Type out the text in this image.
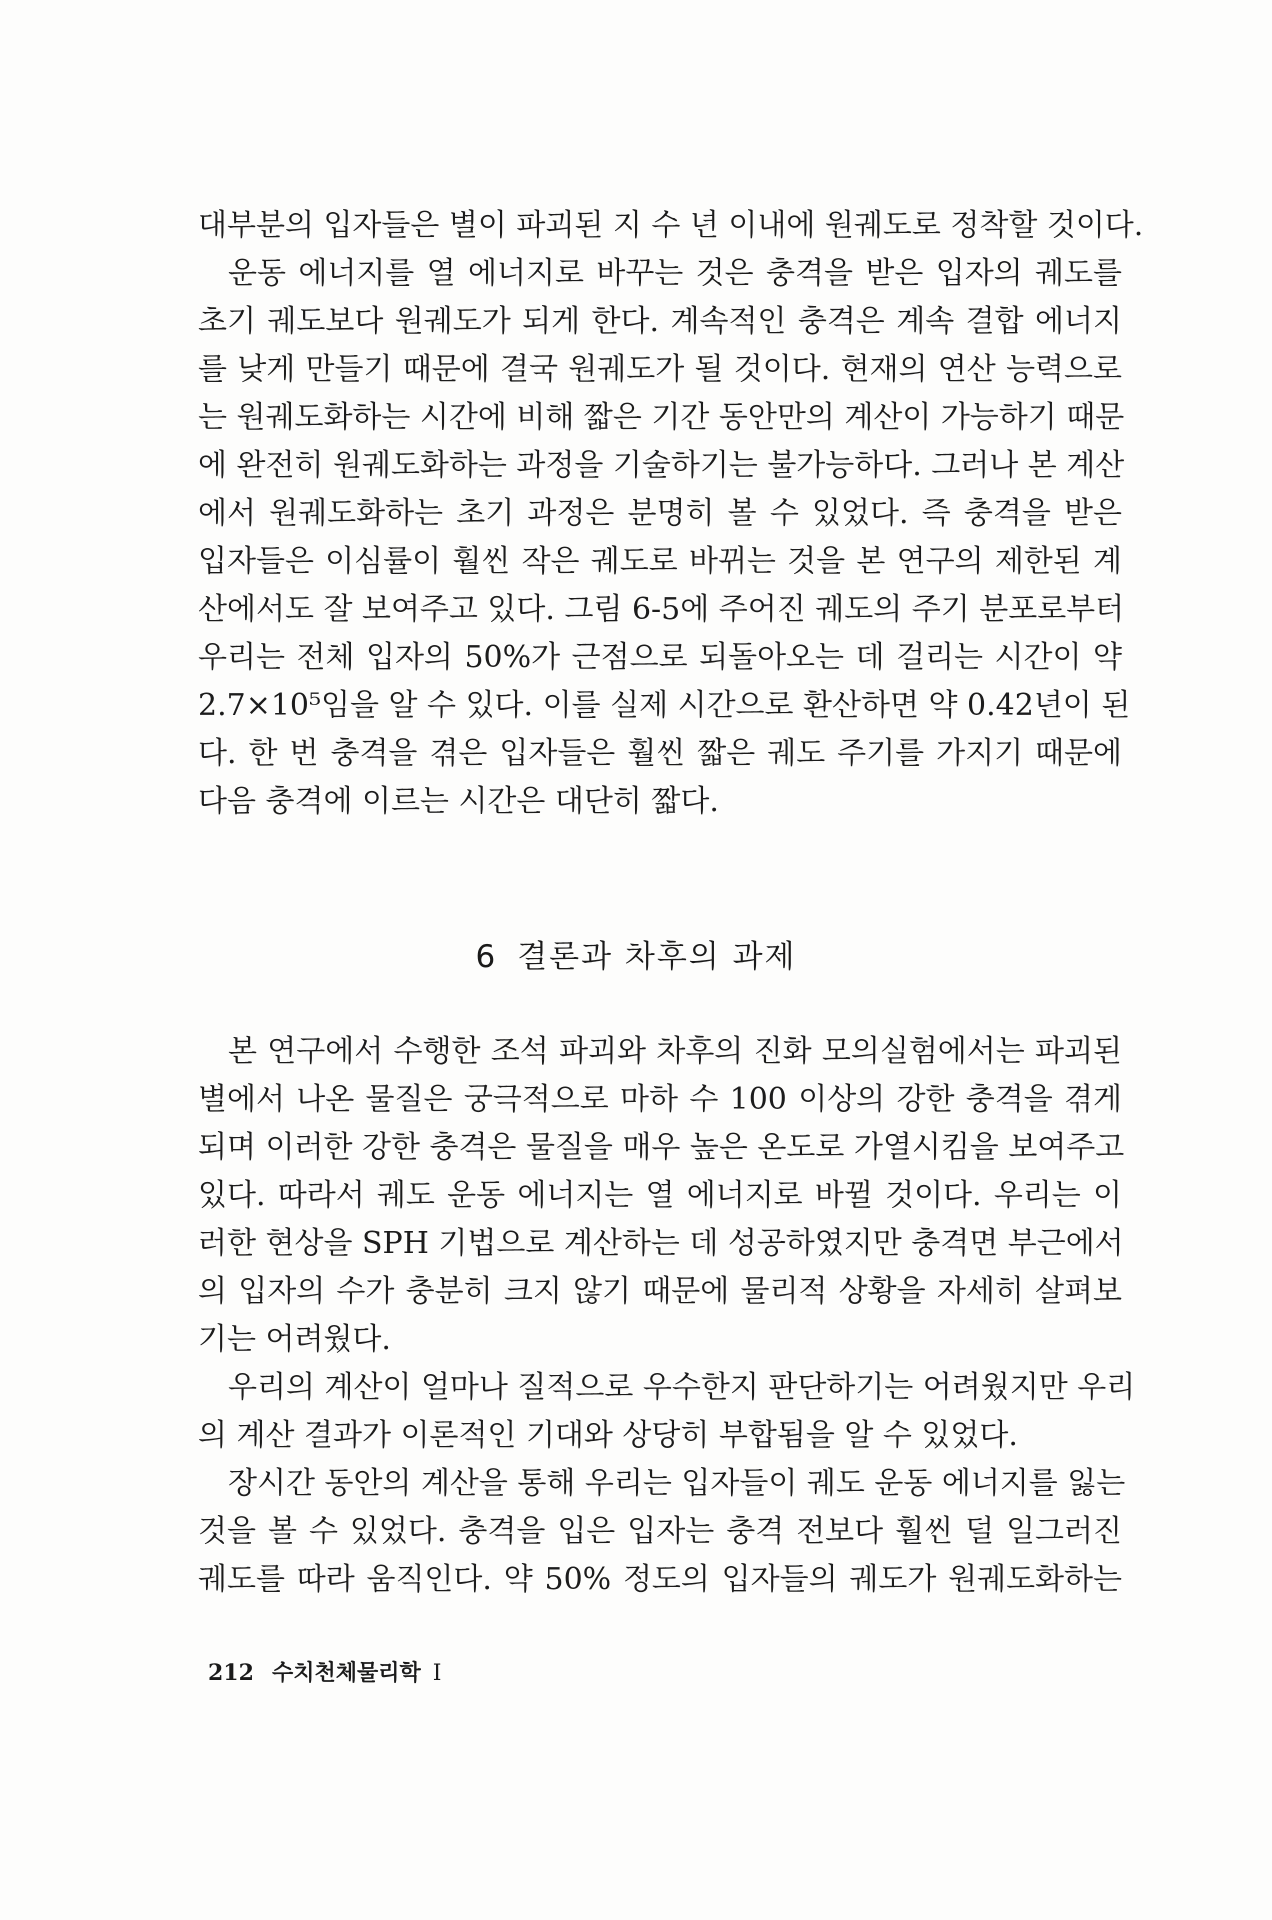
대부분의 입자들은 별이 파괴된 지 수 년 이내에 원궤도로 정착할 것이다.
운동 에너지를 열 에너지로 바꾸는 것은 충격을 받은 입자의 궤도를
초기 궤도보다 원궤도가 되게 한다. 계속적인 충격은 계속 결합 에너지
를 낮게 만들기 때문에 결국 원궤도가 될 것이다. 현재의 연산 능력으로
는 원궤도화하는 시간에 비해 짧은 기간 동안만의 계산이 가능하기 때문
에 완전히 원궤도화하는 과정을 기술하기는 불가능하다. 그러나 본 계산
에서 원궤도화하는 초기 과정은 분명히 볼 수 있었다. 즉 충격을 받은
입자들은 이심률이 훨씬 작은 궤도로 바뀌는 것을 본 연구의 제한된 계
산에서도 잘 보여주고 있다. 그림 6-5에 주어진 궤도의 주기 분포로부터
우리는 전체 입자의 50%가 근점으로 되돌아오는 데 걸리는 시간이 약
2.7×10⁵임을 알 수 있다. 이를 실제 시간으로 환산하면 약 0.42년이 된
다. 한 번 충격을 겪은 입자들은 훨씬 짧은 궤도 주기를 가지기 때문에
다음 충격에 이르는 시간은 대단히 짧다.
6 결론과 차후의 과제
본 연구에서 수행한 조석 파괴와 차후의 진화 모의실험에서는 파괴된
별에서 나온 물질은 궁극적으로 마하 수 100 이상의 강한 충격을 겪게
되며 이러한 강한 충격은 물질을 매우 높은 온도로 가열시킴을 보여주고
있다. 따라서 궤도 운동 에너지는 열 에너지로 바뀔 것이다. 우리는 이
러한 현상을 SPH 기법으로 계산하는 데 성공하였지만 충격면 부근에서
의 입자의 수가 충분히 크지 않기 때문에 물리적 상황을 자세히 살펴보
기는 어려웠다.
우리의 계산이 얼마나 질적으로 우수한지 판단하기는 어려웠지만 우리
의 계산 결과가 이론적인 기대와 상당히 부합됨을 알 수 있었다.
장시간 동안의 계산을 통해 우리는 입자들이 궤도 운동 에너지를 잃는
것을 볼 수 있었다. 충격을 입은 입자는 충격 전보다 훨씬 덜 일그러진
궤도를 따라 움직인다. 약 50% 정도의 입자들의 궤도가 원궤도화하는
212 수치천체물리학 I
